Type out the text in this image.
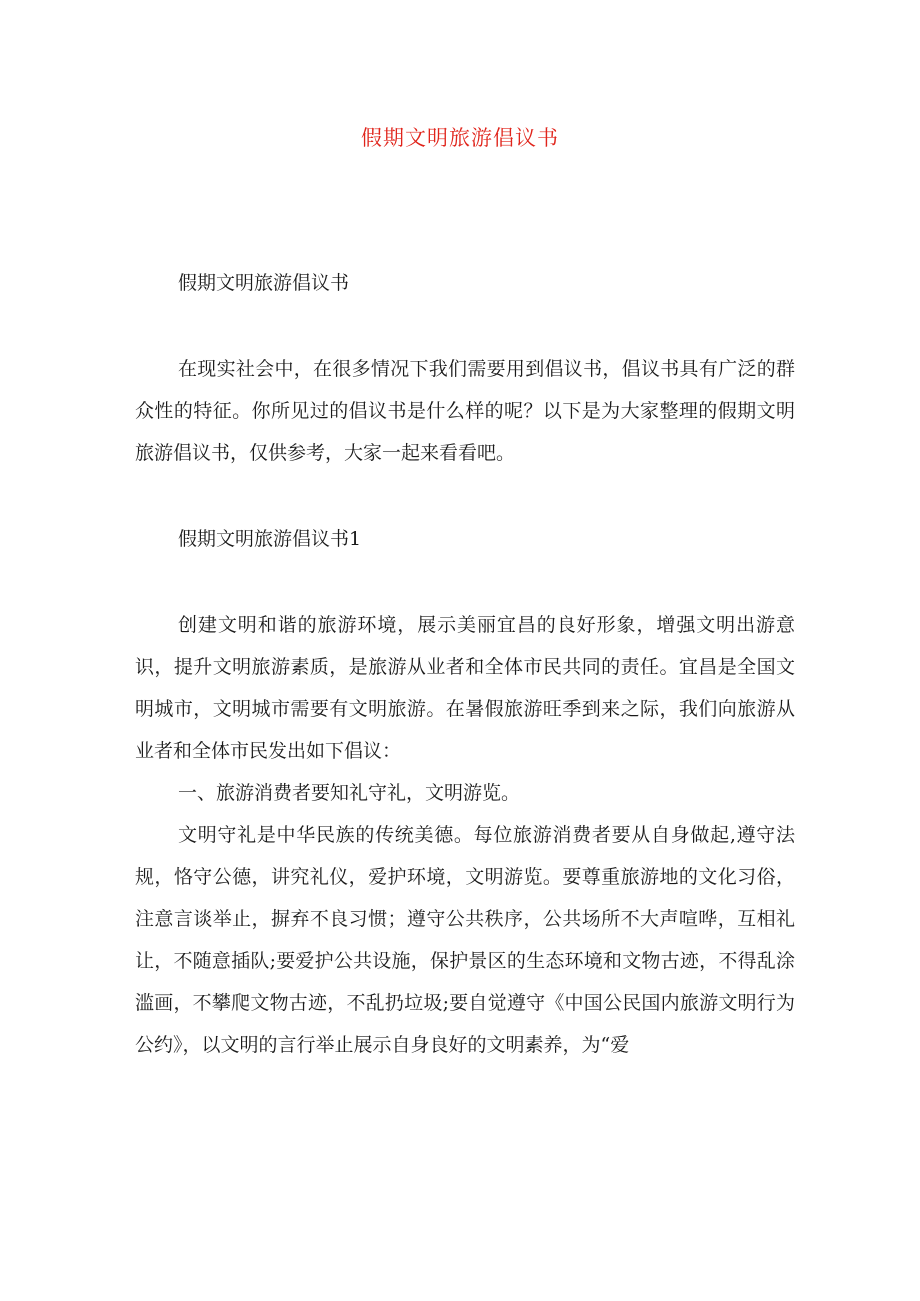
假期文明旅游倡议书

假期文明旅游倡议书

在现实社会中，在很多情况下我们需要用到倡议书，倡议书具有广泛的群众性的特征。你所见过的倡议书是什么样的呢？以下是为大家整理的假期文明旅游倡议书，仅供参考，大家一起来看看吧。

假期文明旅游倡议书1

创建文明和谐的旅游环境，展示美丽宜昌的良好形象，增强文明出游意识，提升文明旅游素质，是旅游从业者和全体市民共同的责任。宜昌是全国文明城市，文明城市需要有文明旅游。在暑假旅游旺季到来之际，我们向旅游从业者和全体市民发出如下倡议：

一、旅游消费者要知礼守礼，文明游览。

文明守礼是中华民族的传统美德。每位旅游消费者要从自身做起,遵守法规，恪守公德，讲究礼仪，爱护环境，文明游览。要尊重旅游地的文化习俗，注意言谈举止，摒弃不良习惯；遵守公共秩序，公共场所不大声喧哗，互相礼让，不随意插队;要爱护公共设施，保护景区的生态环境和文物古迹，不得乱涂滥画，不攀爬文物古迹，不乱扔垃圾;要自觉遵守《中国公民国内旅游文明行为公约》，以文明的言行举止展示自身良好的文明素养，为“爱
